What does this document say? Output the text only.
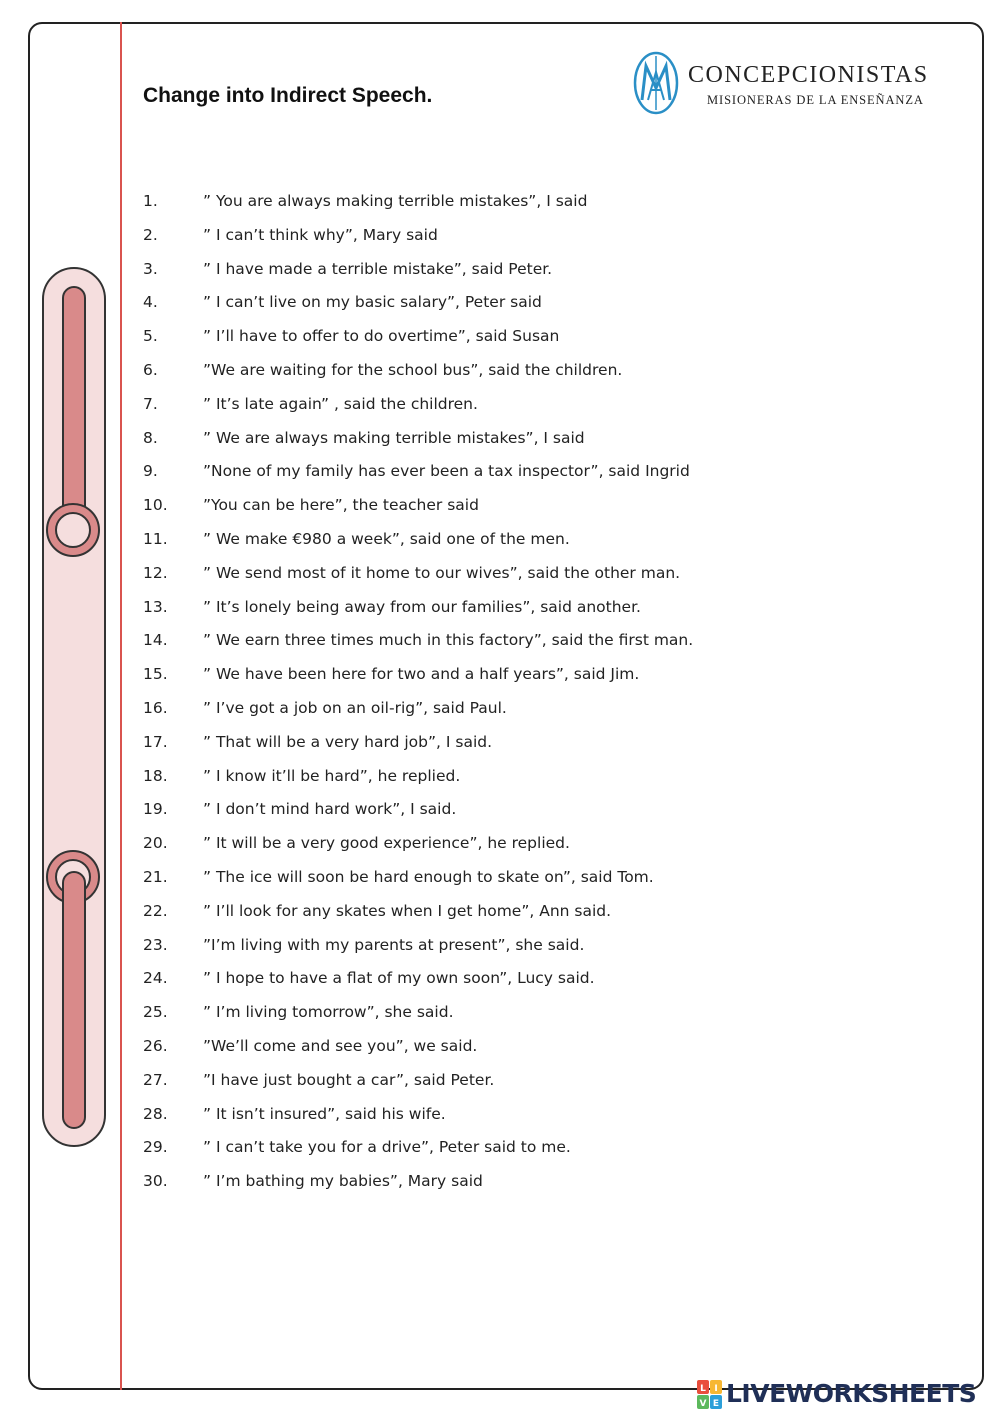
Change into Indirect Speech.
CONCEPCIONISTAS
MISIONERAS DE LA ENSEÑANZA
1.	” You are always making terrible mistakes”, I said
2.	” I can’t think why”, Mary said
3.	” I have made a terrible mistake”, said Peter.
4.	” I can’t live on my basic salary”, Peter said
5.	” I’ll have to offer to do overtime”, said Susan
6.	”We are waiting for the school bus”, said the children.
7.	” It’s late again” , said the children.
8.	” We are always making terrible mistakes”, I said
9.	”None of my family has ever been a tax inspector”, said Ingrid
10. ”You can be here”, the teacher said
11. ” We make €980 a week”, said one of the men.
12. ” We send most of it home to our wives”, said the other man.
13. ” It’s lonely being away from our families”, said another.
14. ” We earn three times much in this factory”, said the first man.
15. ” We have been here for two and a half years”, said Jim.
16. ” I’ve got a job on an oil-rig”, said Paul.
17. ” That will be a very hard job”, I said.
18. ” I know it’ll be hard”, he replied.
19. ” I don’t mind hard work”, I said.
20. ” It will be a very good experience”, he replied.
21. ” The ice will soon be hard enough to skate on”, said Tom.
22. ” I’ll look for any skates when I get home”, Ann said.
23. ”I’m living with my parents at present”, she said.
24. ” I hope to have a flat of my own soon”, Lucy said.
25. ” I’m living tomorrow”, she said.
26. ”We’ll come and see you”, we said.
27. ”I have just bought a car”, said Peter.
28. ” It isn’t insured”, said his wife.
29. ” I can’t take you for a drive”, Peter said to me.
30. ” I’m bathing my babies”, Mary said
L I
V E LIVEWORKSHEETS
